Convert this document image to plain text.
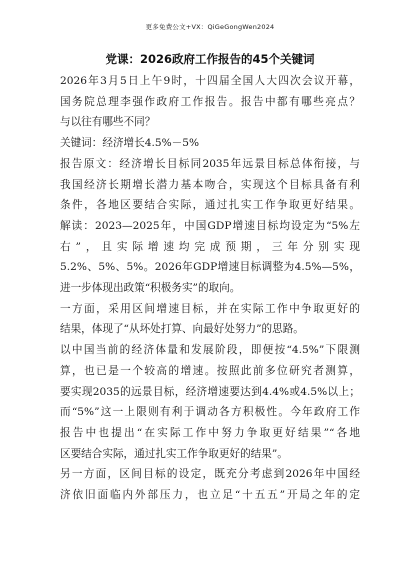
更多免费公文+VX：QiGeGongWen2024
党课：2026政府工作报告的45个关键词
2026年3月5日上午9时，十四届全国人大四次会议开幕，
国务院总理李强作政府工作报告。报告中都有哪些亮点？
与以往有哪些不同？
关键词：经济增长4.5%－5%
报告原文：经济增长目标同2035年远景目标总体衔接，与
我国经济长期增长潜力基本吻合，实现这个目标具备有利
条件，各地区要结合实际，通过扎实工作争取更好结果。
解读：2023—2025年，中国GDP增速目标均设定为“5%左
右”，且实际增速均完成预期，三年分别实现
5.2%、5%、5%。2026年GDP增速目标调整为4.5%—5%，
进一步体现出政策“积极务实”的取向。
一方面，采用区间增速目标，并在实际工作中争取更好的
结果，体现了“从坏处打算、向最好处努力”的思路。
以中国当前的经济体量和发展阶段，即便按“4.5%”下限测
算，也已是一个较高的增速。按照此前多位研究者测算，
要实现2035的远景目标，经济增速要达到4.4%或4.5%以上；
而“5%”这一上限则有利于调动各方积极性。今年政府工作
报告中也提出“在实际工作中努力争取更好结果”“各地
区要结合实际，通过扎实工作争取更好的结果”。
另一方面，区间目标的设定，既充分考虑到2026年中国经
济依旧面临内外部压力，也立足“十五五”开局之年的定
